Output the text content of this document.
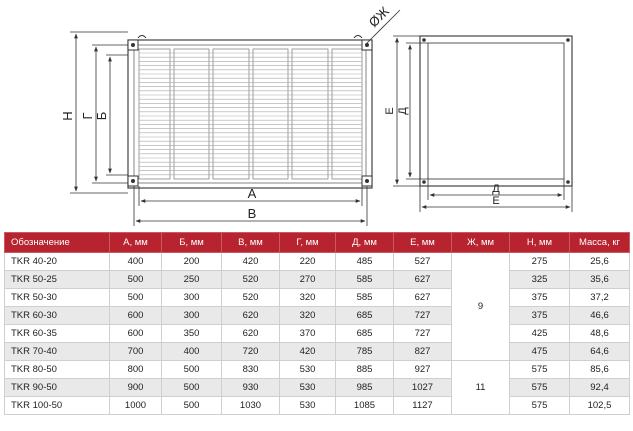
Н Г Б
А
В
ØЖ
Е Д
Д
Е
Обозначение	А, мм	Б, мм	В, мм	Г, мм	Д, мм	Е, мм	Ж, мм	Н, мм	Масса, кг
TKR 40-20	400	200	420	220	485	527	9	275	25,6
TKR 50-25	500	250	520	270	585	627		325	35,6
TKR 50-30	500	300	520	320	585	627		375	37,2
TKR 60-30	600	300	620	320	685	727		375	46,6
TKR 60-35	600	350	620	370	685	727		425	48,6
TKR 70-40	700	400	720	420	785	827		475	64,6
TKR 80-50	800	500	830	530	885	927	11	575	85,6
TKR 90-50	900	500	930	530	985	1027		575	92,4
TKR 100-50	1000	500	1030	530	1085	1127		575	102,5
